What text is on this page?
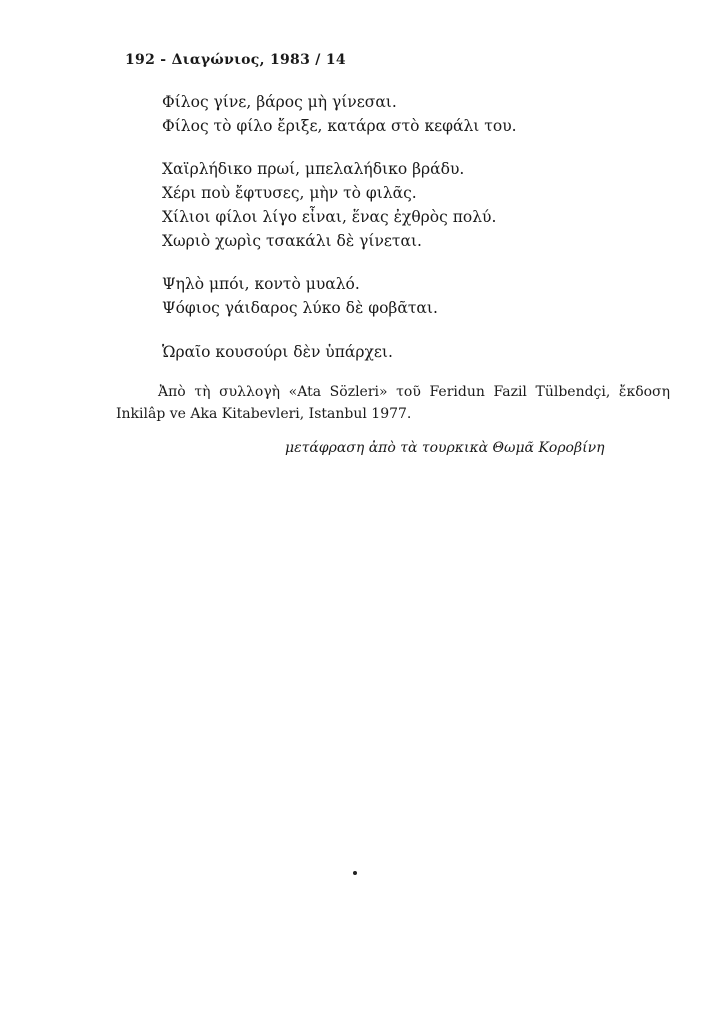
192 - Διαγώνιος, 1983 / 14
Φίλος γίνε, βάρος μὴ γίνεσαι.
Φίλος τὸ φίλο ἔριξε, κατάρα στὸ κεφάλι του.
Χαϊρλήδικο πρωί, μπελαλήδικο βράδυ.
Χέρι ποὺ ἔφτυσες, μὴν τὸ φιλᾶς.
Χίλιοι φίλοι λίγο εἶναι, ἕνας ἐχθρὸς πολύ.
Χωριὸ χωρὶς τσακάλι δὲ γίνεται.
Ψηλὸ μπόι, κοντὸ μυαλό.
Ψόφιος γάιδαρος λύκο δὲ φοβᾶται.
Ὡραῖο κουσούρι δὲν ὑπάρχει.
Ἀπὸ τὴ συλλογὴ «Ata Sözleri» τοῦ Feridun Fazil Tülbendçi, ἔκδοση Inkilâp ve Aka Kitabevleri, Istanbul 1977.
μετάφραση ἀπὸ τὰ τουρκικὰ Θωμᾶ Κοροβίνη
